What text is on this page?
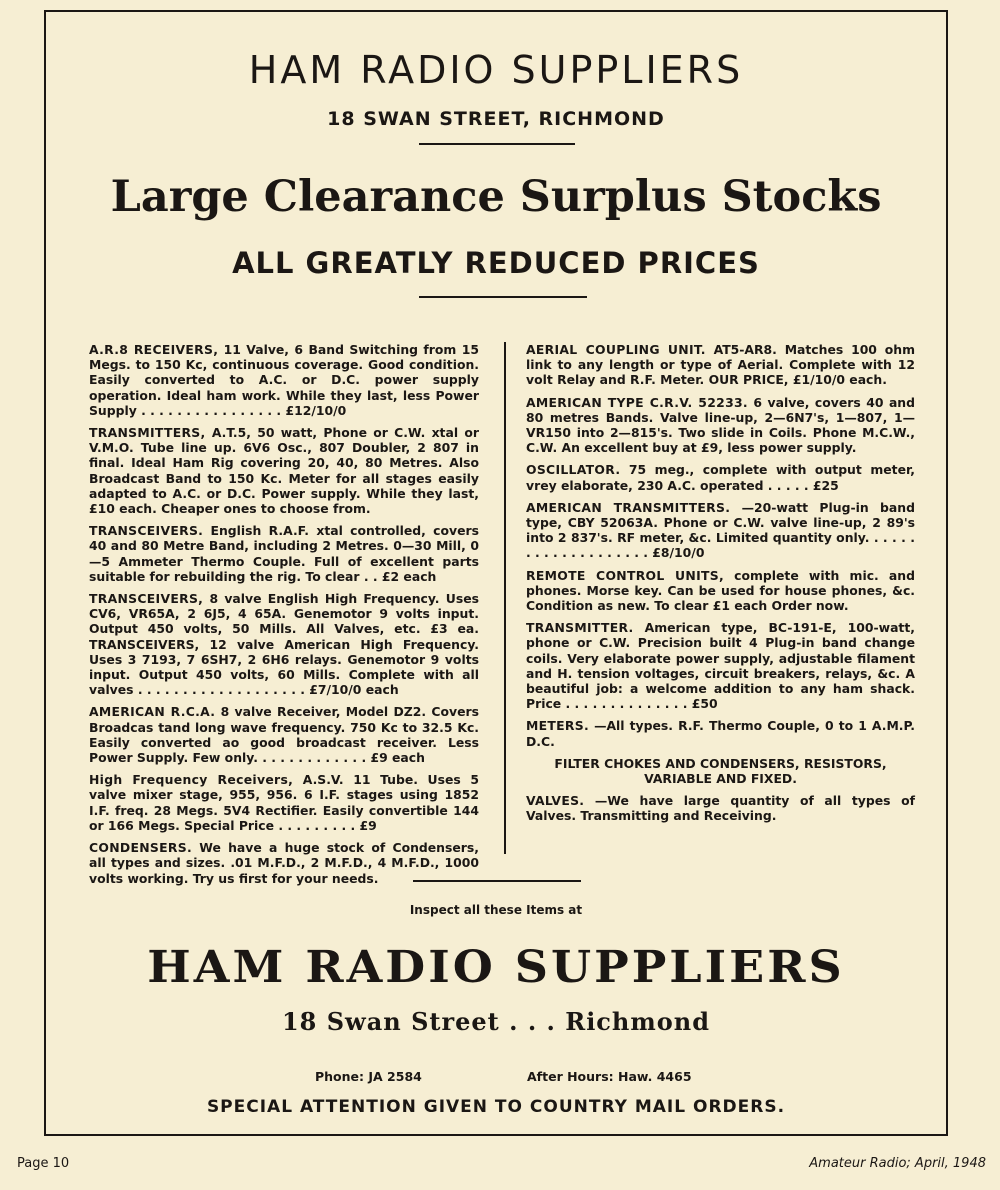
HAM RADIO SUPPLIERS
18 SWAN STREET, RICHMOND
Large Clearance Surplus Stocks
ALL GREATLY REDUCED PRICES

A.R.8 RECEIVERS, 11 Valve, 6 Band Switching from 15 Megs. to 150 Kc, continuous coverage. Good condition. Easily converted to A.C. or D.C. power supply operation. Ideal ham work. While they last, less Power Supply . . . . . . . . . . . . . . . . £12/10/0

TRANSMITTERS, A.T.5, 50 watt, Phone or C.W. xtal or V.M.O. Tube line up. 6V6 Osc., 807 Doubler, 2 807 in final. Ideal Ham Rig covering 20, 40, 80 Metres. Also Broadcast Band to 150 Kc. Meter for all stages easily adapted to A.C. or D.C. Power supply. While they last, £10 each. Cheaper ones to choose from.

TRANSCEIVERS. English R.A.F. xtal controlled, covers 40 and 80 Metre Band, including 2 Metres. 0—30 Mill, 0—5 Ammeter Thermo Couple. Full of excellent parts suitable for rebuilding the rig. To clear . . £2 each

TRANSCEIVERS, 8 valve English High Frequency. Uses CV6, VR65A, 2 6J5, 4 65A. Genemotor 9 volts input. Output 450 volts, 50 Mills. All Valves, etc. £3 ea. TRANSCEIVERS, 12 valve American High Frequency. Uses 3 7193, 7 6SH7, 2 6H6 relays. Genemotor 9 volts input. Output 450 volts, 60 Mills. Complete with all valves . . . . . . . . . . . . . . . . . . . £7/10/0 each

AMERICAN R.C.A. 8 valve Receiver, Model DZ2. Covers Broadcas tand long wave frequency. 750 Kc to 32.5 Kc. Easily converted ao good broadcast receiver. Less Power Supply. Few only. . . . . . . . . . . . . £9 each

High Frequency Receivers, A.S.V. 11 Tube. Uses 5 valve mixer stage, 955, 956. 6 I.F. stages using 1852 I.F. freq. 28 Megs. 5V4 Rectifier. Easily convertible 144 or 166 Megs. Special Price . . . . . . . . . £9

CONDENSERS. We have a huge stock of Condensers, all types and sizes. .01 M.F.D., 2 M.F.D., 4 M.F.D., 1000 volts working. Try us first for your needs.

AERIAL COUPLING UNIT. AT5-AR8. Matches 100 ohm link to any length or type of Aerial. Complete with 12 volt Relay and R.F. Meter. OUR PRICE, £1/10/0 each.

AMERICAN TYPE C.R.V. 52233. 6 valve, covers 40 and 80 metres Bands. Valve line-up, 2—6N7's, 1—807, 1—VR150 into 2—815's. Two slide in Coils. Phone M.C.W., C.W. An excellent buy at £9, less power supply.

OSCILLATOR. 75 meg., complete with output meter, vrey elaborate, 230 A.C. operated . . . . . £25

AMERICAN TRANSMITTERS. —20-watt Plug-in band type, CBY 52063A. Phone or C.W. valve line-up, 2 89's into 2 837's. RF meter, &c. Limited quantity only. . . . . . . . . . . . . . . . . . . . £8/10/0

REMOTE CONTROL UNITS, complete with mic. and phones. Morse key. Can be used for house phones, &c. Condition as new. To clear £1 each Order now.

TRANSMITTER. American type, BC-191-E, 100-watt, phone or C.W. Precision built 4 Plug-in band change coils. Very elaborate power supply, adjustable filament and H. tension voltages, circuit breakers, relays, &c. A beautiful job: a welcome addition to any ham shack. Price . . . . . . . . . . . . . . £50

METERS. —All types. R.F. Thermo Couple, 0 to 1 A.M.P. D.C.

FILTER CHOKES AND CONDENSERS, RESISTORS, VARIABLE AND FIXED.

VALVES. —We have large quantity of all types of Valves. Transmitting and Receiving.

Inspect all these Items at
HAM RADIO SUPPLIERS
18 Swan Street . . . Richmond
Phone: JA 2584	After Hours: Haw. 4465
SPECIAL ATTENTION GIVEN TO COUNTRY MAIL ORDERS.
Page 10	Amateur Radio; April, 1948
